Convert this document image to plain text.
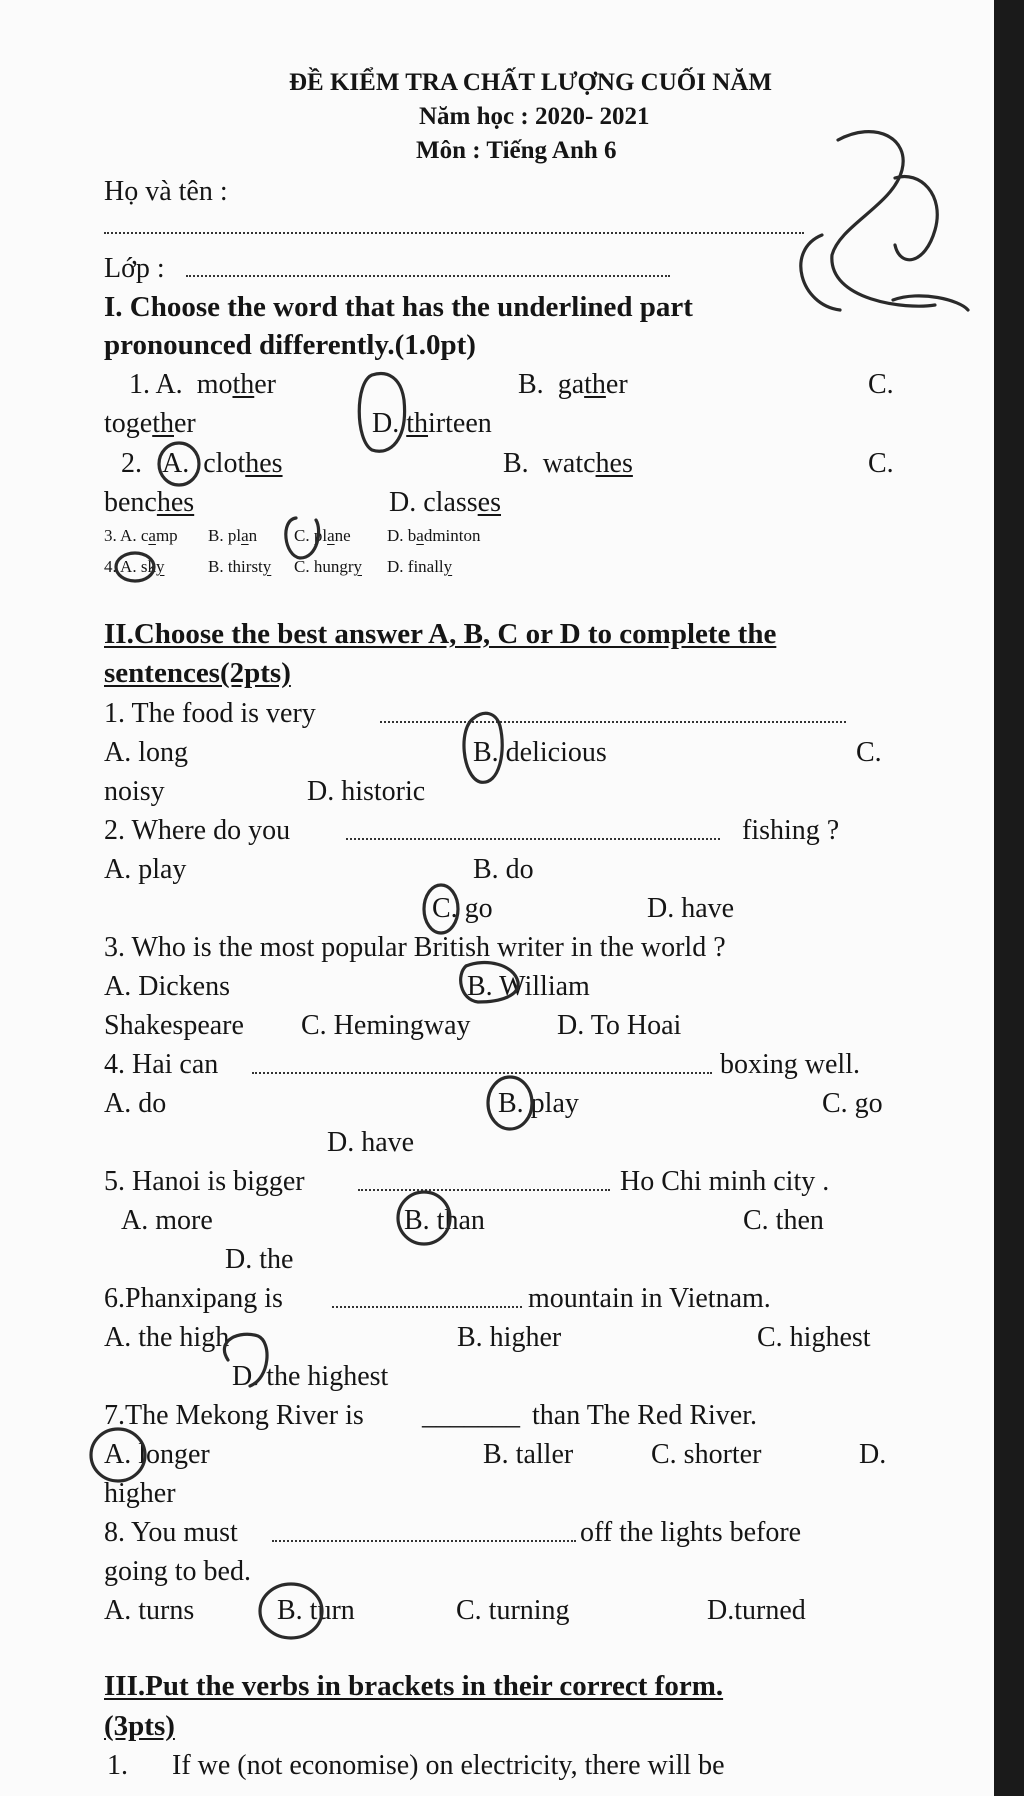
ĐỀ KIỂM TRA CHẤT LƯỢNG CUỐI NĂM
Năm học : 2020- 2021
Môn : Tiếng Anh 6
Họ và tên :
Lớp :
I. Choose the word that has the underlined part
pronounced differently.(1.0pt)
1. A. mother	B. gather	C.
together	D. thirteen
2. A. clothes	B. watches	C.
benches	D. classes
3. A. camp B. plan C. plane D. badminton
4. A. sky	B. thirsty C. hungry D. finally
II.Choose the best answer A, B, C or D to complete the
sentences(2pts)
1. The food is very
A. long	B. delicious	C.
noisy	D. historic
2. Where do you	fishing ?
A. play	B. do
C. go	D. have
3. Who is the most popular British writer in the world ?
A. Dickens	B. William
Shakespeare C. Hemingway	D. To Hoai
4. Hai can	boxing well.
A. do	B. play	C. go
D. have
5. Hanoi is bigger	Ho Chi minh city .
A. more	B. than	C. then
D. the
6.Phanxipang is	mountain in Vietnam.
A. the high	B. higher	C. highest
D. the highest
7.The Mekong River is _______ than The Red River.
A. longer	B. taller	C. shorter	D.
higher
8. You must	off the lights before
going to bed.
A. turns	B. turn	C. turning	D.turned
III.Put the verbs in brackets in their correct form.
(3pts)
1. If we (not economise) on electricity, there will be
